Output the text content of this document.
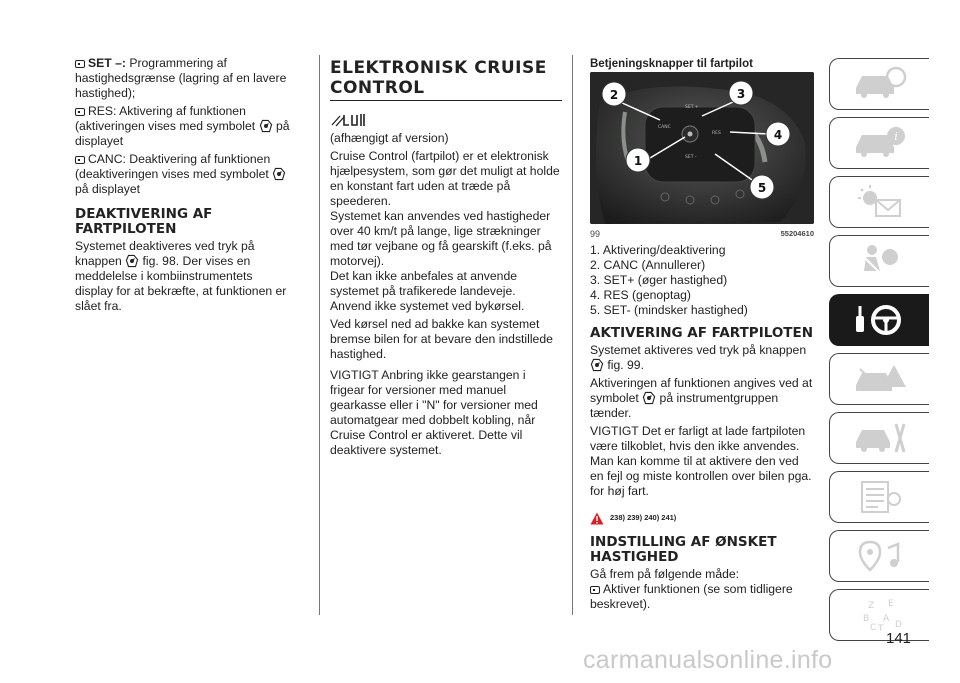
SET –: Programmering af hastighedsgrænse (lagring af en lavere hastighed);

RES: Aktivering af funktionen (aktiveringen vises med symbolet  på displayet

CANC: Deaktivering af funktionen (deaktiveringen vises med symbolet  på displayet

DEAKTIVERING AF FARTPILOTEN

Systemet deaktiveres ved tryk på knappen  fig. 98. Der vises en meddelelse i kombiinstrumentets display for at bekræfte, at funktionen er slået fra.

ELEKTRONISK CRUISE CONTROL

(afhængigt af version)

Cruise Control (fartpilot) er et elektronisk hjælpesystem, som gør det muligt at holde en konstant fart uden at træde på speederen.

Systemet kan anvendes ved hastigheder over 40 km/t på lange, lige strækninger med tør vejbane og få gearskift (f.eks. på motorvej).

Det kan ikke anbefales at anvende systemet på trafikerede landeveje.

Anvend ikke systemet ved bykørsel.

Ved kørsel ned ad bakke kan systemet bremse bilen for at bevare den indstillede hastighed.

VIGTIGT Anbring ikke gearstangen i frigear for versioner med manuel gearkasse eller i "N" for versioner med automatgear med dobbelt kobling, når Cruise Control er aktiveret. Dette vil deaktivere systemet.

Betjeningsknapper til fartpilot
CANC
SET +
RES
SET -
2	3
4
1
5
99	55204610
1. Aktivering/deaktivering
2. CANC (Annullerer)
3. SET+ (øger hastighed)
4. RES (genoptag)
5. SET- (mindsker hastighed)
AKTIVERING AF FARTPILOTEN

Systemet aktiveres ved tryk på knappen
fig. 99.

Aktiveringen af funktionen angives ved at symbolet  på instrumentgruppen tænder.

VIGTIGT Det er farligt at lade fartpiloten være tilkoblet, hvis den ikke anvendes. Man kan komme til at aktivere den ved en fejl og miste kontrollen over bilen pga. for høj fart.

238) 239) 240) 241)
INDSTILLING AF ØNSKET HASTIGHED

Gå frem på følgende måde:

Aktiver funktionen (se som tidligere beskrevet).

i
Z E
B A
C T D
141
carmanualsonline.info
